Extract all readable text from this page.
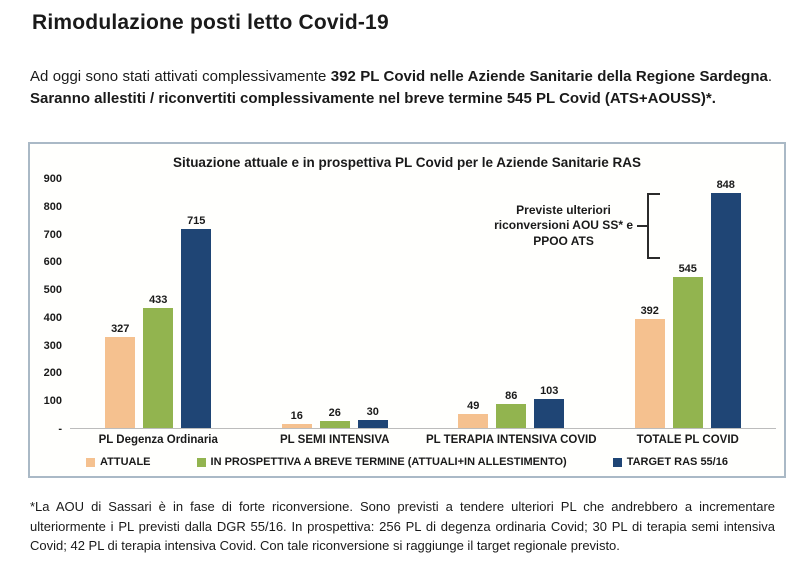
Rimodulazione posti letto Covid-19

Ad oggi sono stati attivati complessivamente 392 PL Covid nelle Aziende Sanitarie della Regione Sardegna. Saranno allestiti / riconvertiti complessivamente nel breve termine 545 PL Covid (ATS+AOUSS)*.

Situazione attuale e in prospettiva PL Covid per le Aziende Sanitarie RAS
900
800
700
600
500
400
300
200
100
-
Previste ulteriori
riconversioni AOU SS* e
PPOO ATS
327
433
715
16 26 30	49
86 103
392
545
848
PL Degenza Ordinaria	PL SEMI INTENSIVA	PL TERAPIA INTENSIVA COVID	TOTALE PL COVID
ATTUALE	IN PROSPETTIVA A BREVE TERMINE (ATTUALI+IN ALLESTIMENTO)	TARGET RAS 55/16

*La AOU di Sassari è in fase di forte riconversione. Sono previsti a tendere ulteriori PL che andrebbero a incrementare ulteriormente i PL previsti dalla DGR 55/16. In prospettiva: 256 PL di degenza ordinaria Covid; 30 PL di terapia semi intensiva Covid; 42 PL di terapia intensiva Covid. Con tale riconversione si raggiunge il target regionale previsto.
